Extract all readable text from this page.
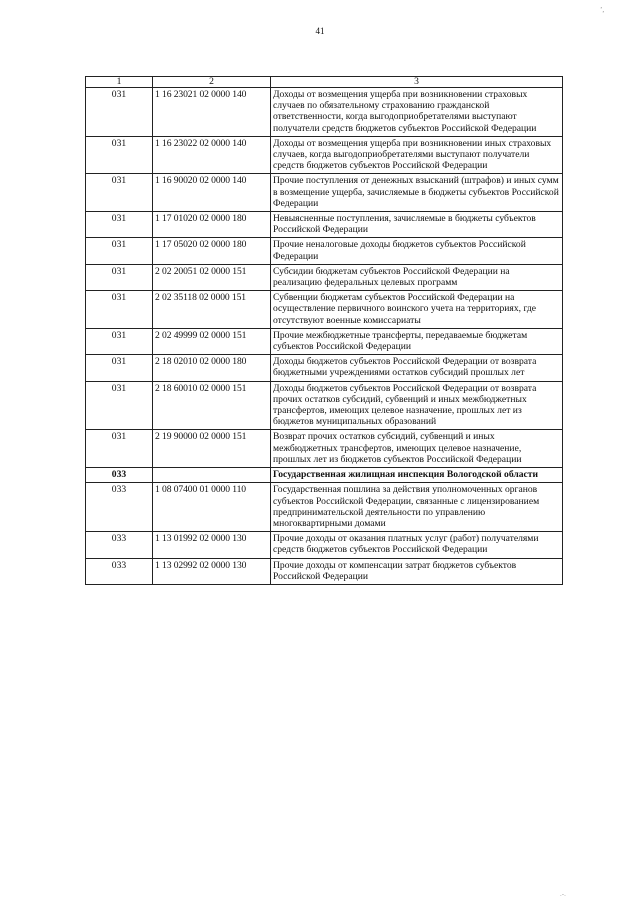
41
’,
.-.
1	2	3
031	1 16 23021 02 0000 140	Доходы от возмещения ущерба при возникновении страховых случаев по обязательному страхованию гражданской ответственности, когда выгодоприобретателями выступают получатели средств бюджетов субъектов Российской Федерации
031	1 16 23022 02 0000 140	Доходы от возмещения ущерба при возникновении иных страховых случаев, когда выгодоприобретателями выступают получатели средств бюджетов субъектов Российской Федерации
031	1 16 90020 02 0000 140	Прочие поступления от денежных взысканий (штрафов) и иных сумм в возмещение ущерба, зачисляемые в бюджеты субъектов Российской Федерации
031	1 17 01020 02 0000 180	Невыясненные поступления, зачисляемые в бюджеты субъектов Российской Федерации
031	1 17 05020 02 0000 180	Прочие неналоговые доходы бюджетов субъектов Российской Федерации
031	2 02 20051 02 0000 151	Субсидии бюджетам субъектов Российской Федерации на реализацию федеральных целевых программ
031	2 02 35118 02 0000 151	Субвенции бюджетам субъектов Российской Федерации на осуществление первичного воинского учета на территориях, где отсутствуют военные комиссариаты
031	2 02 49999 02 0000 151	Прочие межбюджетные трансферты, передаваемые бюджетам субъектов Российской Федерации
031	2 18 02010 02 0000 180	Доходы бюджетов субъектов Российской Федерации от возврата бюджетными учреждениями остатков субсидий прошлых лет
031	2 18 60010 02 0000 151	Доходы бюджетов субъектов Российской Федерации от возврата прочих остатков субсидий, субвенций и иных межбюджетных трансфертов, имеющих целевое назначение, прошлых лет из бюджетов муниципальных образований
031	2 19 90000 02 0000 151	Возврат прочих остатков субсидий, субвенций и иных межбюджетных трансфертов, имеющих целевое назначение, прошлых лет из бюджетов субъектов Российской Федерации
033		Государственная жилищная инспекция Вологодской области
033	1 08 07400 01 0000 110	Государственная пошлина за действия уполномоченных органов субъектов Российской Федерации, связанные с лицензированием предпринимательской деятельности по управлению многоквартирными домами
033	1 13 01992 02 0000 130	Прочие доходы от оказания платных услуг (работ) получателями средств бюджетов субъектов Российской Федерации
033	1 13 02992 02 0000 130	Прочие доходы от компенсации затрат бюджетов субъектов Российской Федерации
